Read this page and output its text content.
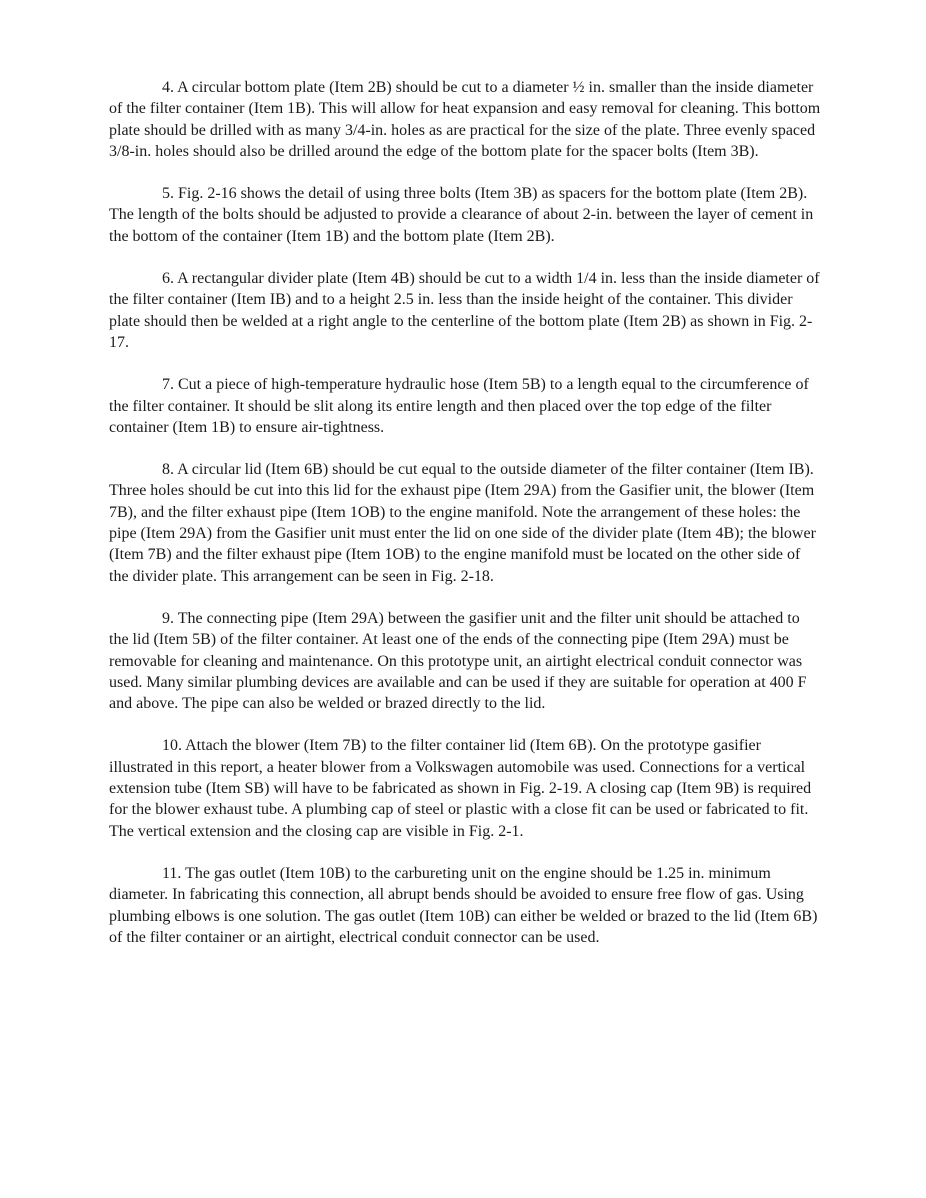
4. A circular bottom plate (Item 2B) should be cut to a diameter ½ in. smaller than the inside diameter of the filter container (Item 1B). This will allow for heat expansion and easy removal for cleaning. This bottom plate should be drilled with as many 3/4-in. holes as are practical for the size of the plate. Three evenly spaced 3/8-in. holes should also be drilled around the edge of the bottom plate for the spacer bolts (Item 3B).

5. Fig. 2-16 shows the detail of using three bolts (Item 3B) as spacers for the bottom plate (Item 2B). The length of the bolts should be adjusted to provide a clearance of about 2-in. between the layer of cement in the bottom of the container (Item 1B) and the bottom plate (Item 2B).

6. A rectangular divider plate (Item 4B) should be cut to a width 1/4 in. less than the inside diameter of the filter container (Item IB) and to a height 2.5 in. less than the inside height of the container. This divider plate should then be welded at a right angle to the centerline of the bottom plate (Item 2B) as shown in Fig. 2-17.

7. Cut a piece of high-temperature hydraulic hose (Item 5B) to a length equal to the circumference of the filter container. It should be slit along its entire length and then placed over the top edge of the filter container (Item 1B) to ensure air-tightness.

8. A circular lid (Item 6B) should be cut equal to the outside diameter of the filter container (Item IB). Three holes should be cut into this lid for the exhaust pipe (Item 29A) from the Gasifier unit, the blower (Item 7B), and the filter exhaust pipe (Item 1OB) to the engine manifold. Note the arrangement of these holes: the pipe (Item 29A) from the Gasifier unit must enter the lid on one side of the divider plate (Item 4B); the blower (Item 7B) and the filter exhaust pipe (Item 1OB) to the engine manifold must be located on the other side of the divider plate. This arrangement can be seen in Fig. 2-18.

9. The connecting pipe (Item 29A) between the gasifier unit and the filter unit should be attached to the lid (Item 5B) of the filter container. At least one of the ends of the connecting pipe (Item 29A) must be removable for cleaning and maintenance. On this prototype unit, an airtight electrical conduit connector was used. Many similar plumbing devices are available and can be used if they are suitable for operation at 400 F and above. The pipe can also be welded or brazed directly to the lid.

10. Attach the blower (Item 7B) to the filter container lid (Item 6B). On the prototype gasifier illustrated in this report, a heater blower from a Volkswagen automobile was used. Connections for a vertical extension tube (Item SB) will have to be fabricated as shown in Fig. 2-19. A closing cap (Item 9B) is required for the blower exhaust tube. A plumbing cap of steel or plastic with a close fit can be used or fabricated to fit. The vertical extension and the closing cap are visible in Fig. 2-1.

11. The gas outlet (Item 10B) to the carbureting unit on the engine should be 1.25 in. minimum diameter. In fabricating this connection, all abrupt bends should be avoided to ensure free flow of gas. Using plumbing elbows is one solution. The gas outlet (Item 10B) can either be welded or brazed to the lid (Item 6B) of the filter container or an airtight, electrical conduit connector can be used.
